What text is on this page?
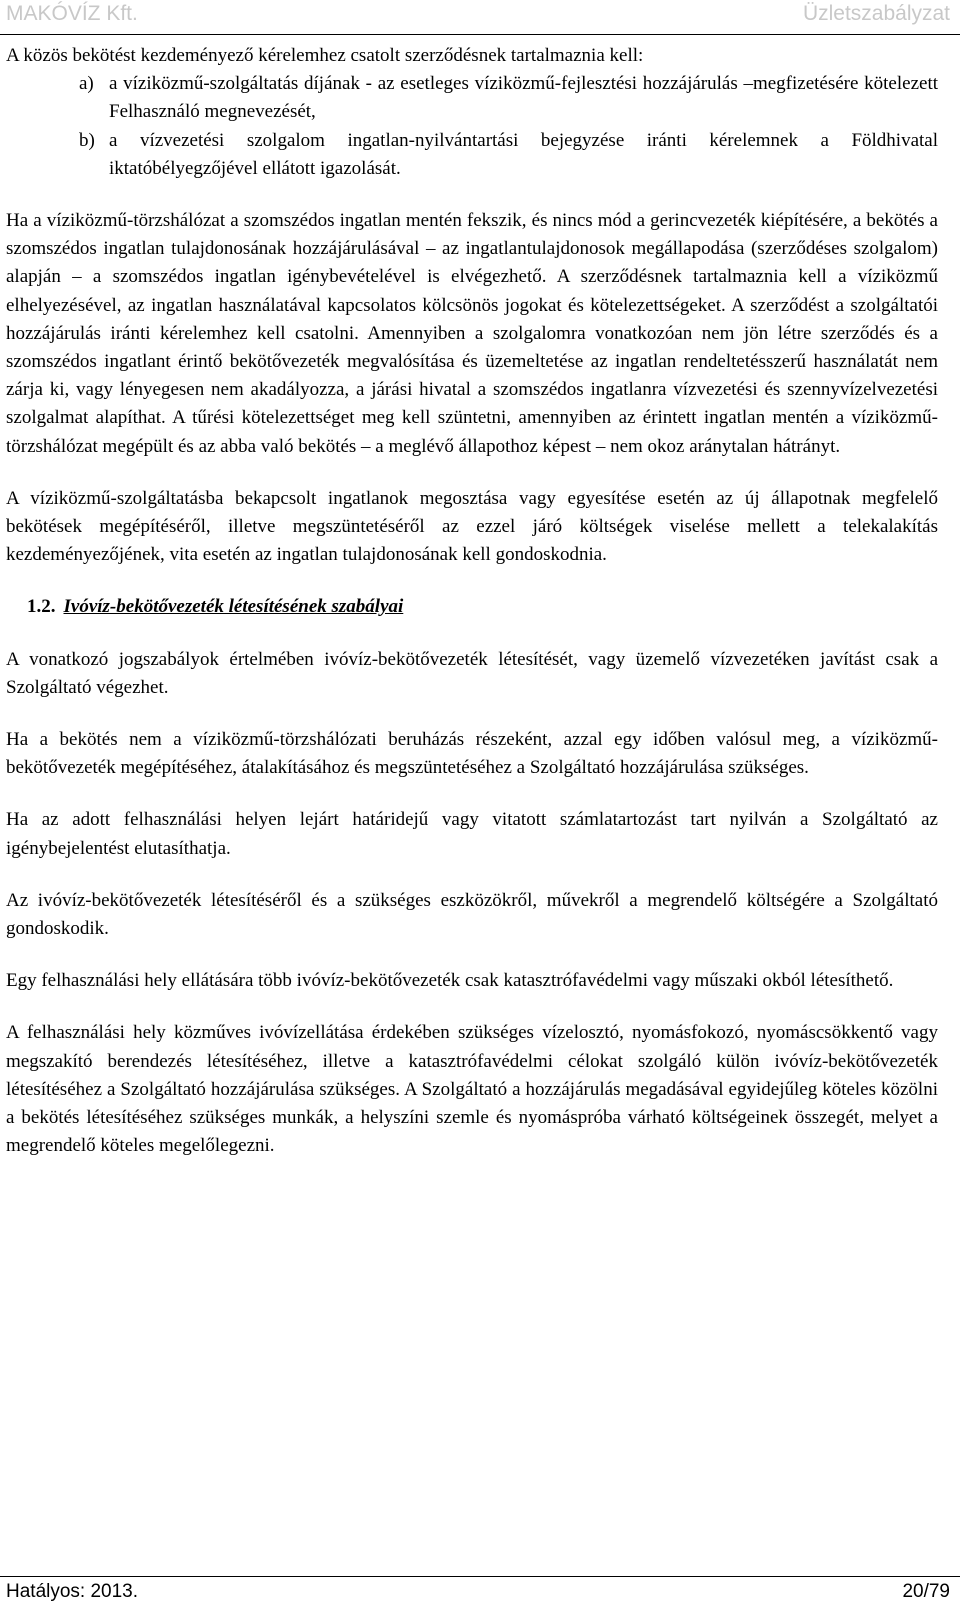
MAKÓVÍZ Kft.	Üzletszabályzat

A közös bekötést kezdeményező kérelemhez csatolt szerződésnek tartalmaznia kell:

a) a víziközmű-szolgáltatás díjának - az esetleges víziközmű-fejlesztési hozzájárulás –megfizetésére kötelezett Felhasználó megnevezését,
b) a vízvezetési szolgalom ingatlan-nyilvántartási bejegyzése iránti kérelemnek a Földhivatal iktatóbélyegzőjével ellátott igazolását.

Ha a víziközmű-törzshálózat a szomszédos ingatlan mentén fekszik, és nincs mód a gerincvezeték kiépítésére, a bekötés a szomszédos ingatlan tulajdonosának hozzájárulásával – az ingatlantulajdonosok megállapodása (szerződéses szolgalom) alapján – a szomszédos ingatlan igénybevételével is elvégezhető. A szerződésnek tartalmaznia kell a víziközmű elhelyezésével, az ingatlan használatával kapcsolatos kölcsönös jogokat és kötelezettségeket. A szerződést a szolgáltatói hozzájárulás iránti kérelemhez kell csatolni. Amennyiben a szolgalomra vonatkozóan nem jön létre szerződés és a szomszédos ingatlant érintő bekötővezeték megvalósítása és üzemeltetése az ingatlan rendeltetésszerű használatát nem zárja ki, vagy lényegesen nem akadályozza, a járási hivatal a szomszédos ingatlanra vízvezetési és szennyvízelvezetési szolgalmat alapíthat. A tűrési kötelezettséget meg kell szüntetni, amennyiben az érintett ingatlan mentén a víziközmű-törzshálózat megépült és az abba való bekötés – a meglévő állapothoz képest – nem okoz aránytalan hátrányt.

A víziközmű-szolgáltatásba bekapcsolt ingatlanok megosztása vagy egyesítése esetén az új állapotnak megfelelő bekötések megépítéséről, illetve megszüntetéséről az ezzel járó költségek viselése mellett a telekalakítás kezdeményezőjének, vita esetén az ingatlan tulajdonosának kell gondoskodnia.

1.2. Ivóvíz-bekötővezeték létesítésének szabályai

A vonatkozó jogszabályok értelmében ivóvíz-bekötővezeték létesítését, vagy üzemelő vízvezetéken javítást csak a Szolgáltató végezhet.

Ha a bekötés nem a víziközmű-törzshálózati beruházás részeként, azzal egy időben valósul meg, a víziközmű-bekötővezeték megépítéséhez, átalakításához és megszüntetéséhez a Szolgáltató hozzájárulása szükséges.

Ha az adott felhasználási helyen lejárt határidejű vagy vitatott számlatartozást tart nyilván a Szolgáltató az igénybejelentést elutasíthatja.

Az ivóvíz-bekötővezeték létesítéséről és a szükséges eszközökről, művekről a megrendelő költségére a Szolgáltató gondoskodik.

Egy felhasználási hely ellátására több ivóvíz-bekötővezeték csak katasztrófavédelmi vagy műszaki okból létesíthető.

A felhasználási hely közműves ivóvízellátása érdekében szükséges vízelosztó, nyomásfokozó, nyomáscsökkentő vagy megszakító berendezés létesítéséhez, illetve a katasztrófavédelmi célokat szolgáló külön ivóvíz-bekötővezeték létesítéséhez a Szolgáltató hozzájárulása szükséges. A Szolgáltató a hozzájárulás megadásával egyidejűleg köteles közölni a bekötés létesítéséhez szükséges munkák, a helyszíni szemle és nyomáspróba várható költségeinek összegét, melyet a megrendelő köteles megelőlegezni.

Hatályos: 2013.	20/79
